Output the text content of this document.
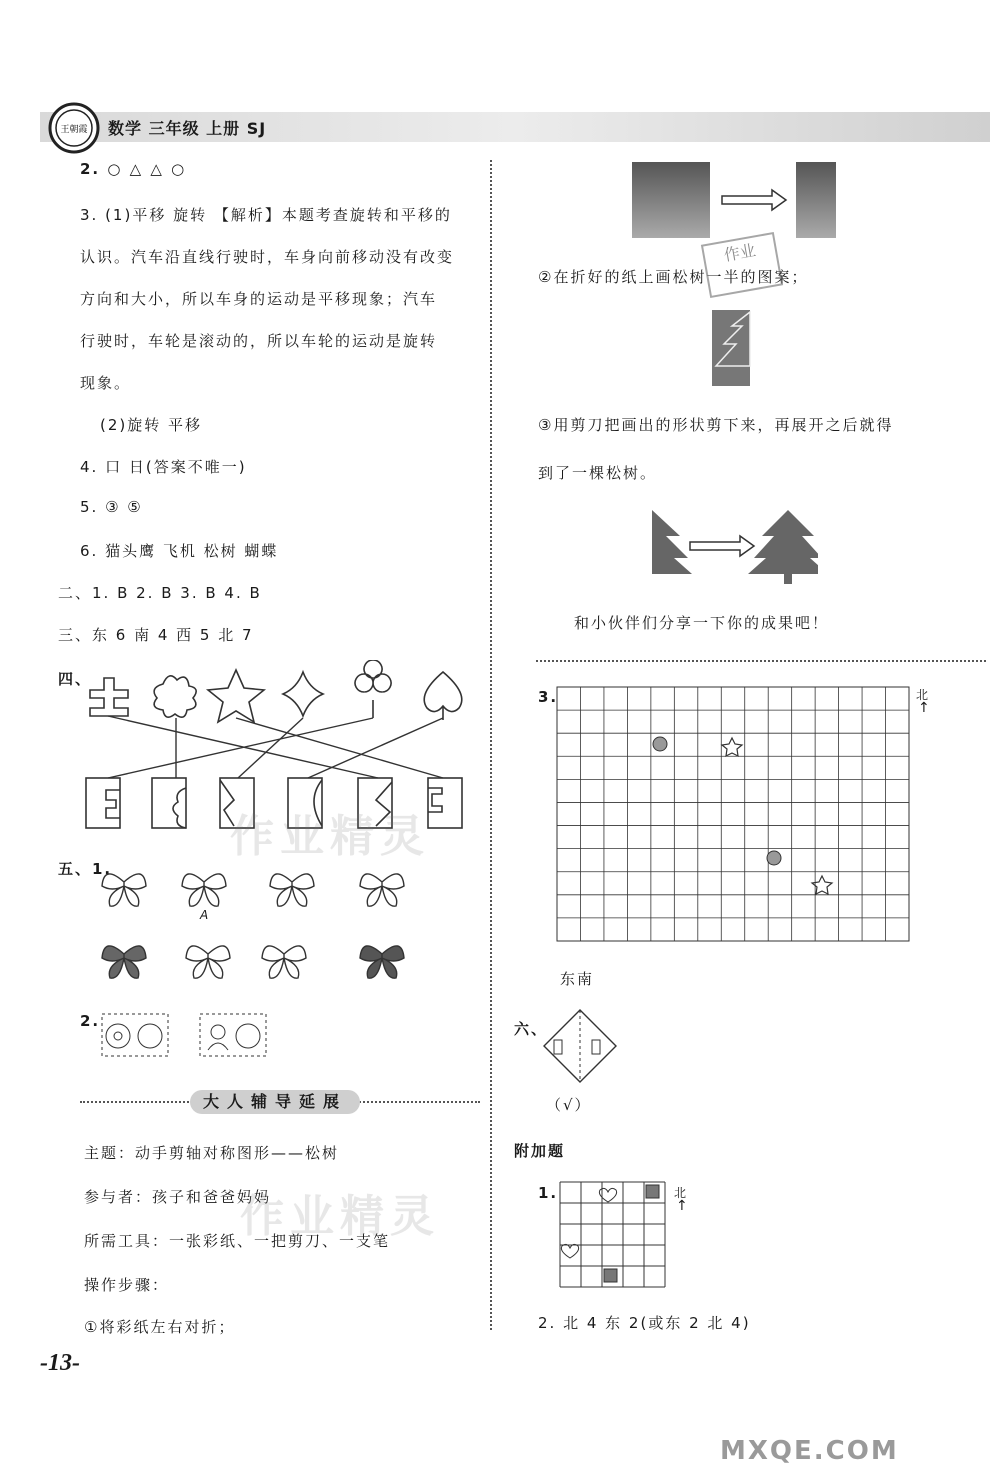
王朝霞 数学 三年级 上册 SJ
2. ○ △ △ ○
3. (1)平移 旋转 【解析】本题考查旋转和平移的
认识。汽车沿直线行驶时，车身向前移动没有改变
方向和大小，所以车身的运动是平移现象；汽车
行驶时，车轮是滚动的，所以车轮的运动是旋转
现象。
(2)旋转 平移
4. 口 日(答案不唯一)
5. ③ ⑤
6. 猫头鹰 飞机 松树 蝴蝶
二、1. B 2. B 3. B 4. B
三、东 6 南 4 西 5 北 7
四、
作业精灵
五、1.
A
2.
大人辅导延展
主题：动手剪轴对称图形——松树
参与者：孩子和爸爸妈妈
所需工具：一张彩纸、一把剪刀、一支笔
操作步骤：
①将彩纸左右对折；
作业精灵
②在折好的纸上画松树一半的图案；
作业
③用剪刀把画出的形状剪下来，再展开之后就得
到了一棵松树。
和小伙伴们分享一下你的成果吧！
3.	北
↑
东南
六、
（√）
附加题
1.	北
↑
2. 北 4 东 2(或东 2 北 4)
-13-
MXQE.COM
